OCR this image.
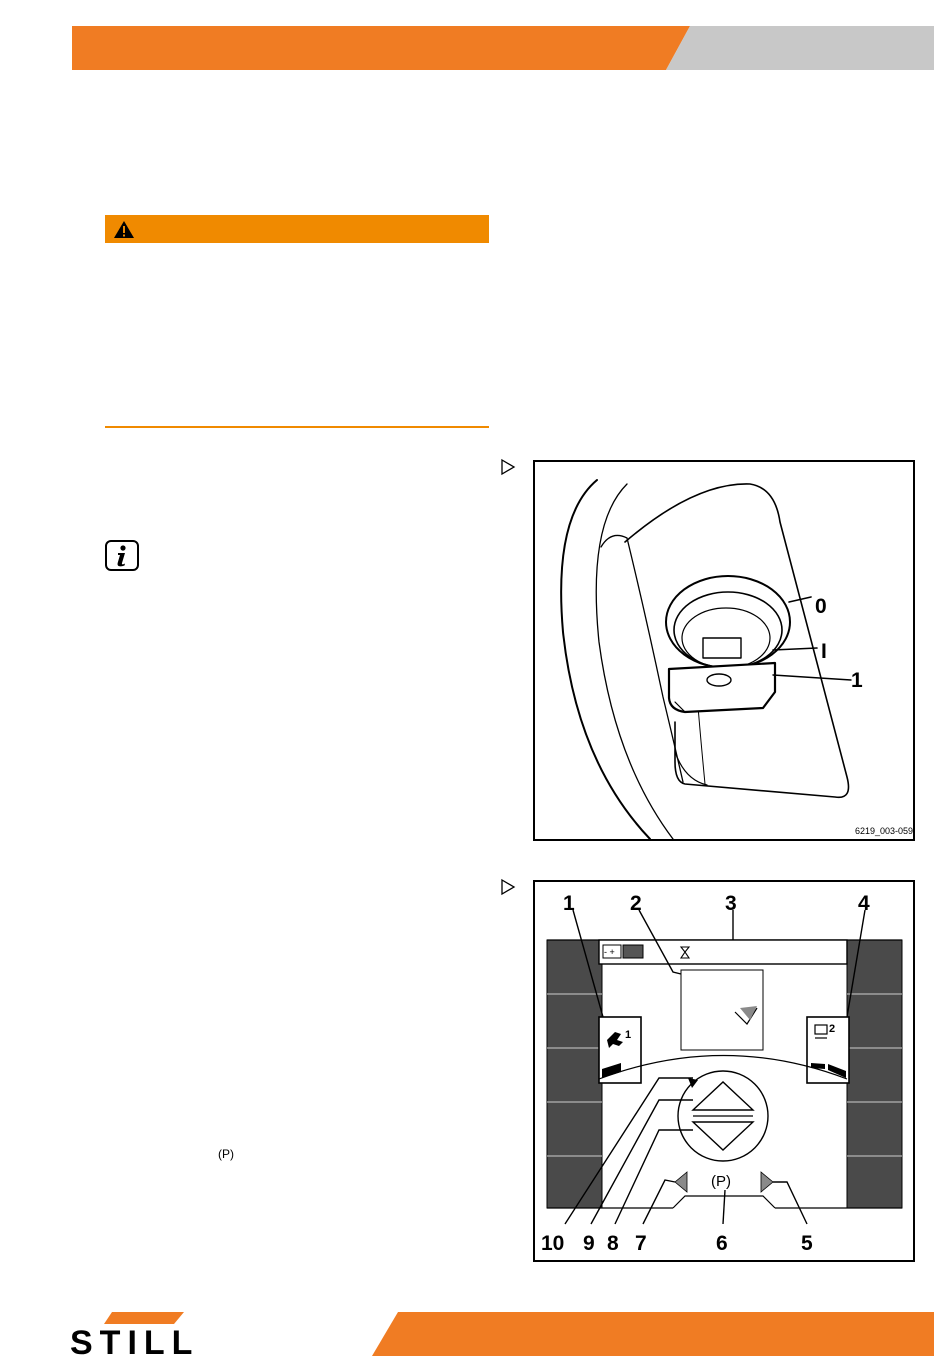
(P)
0
I
1
6219_003-059
- +
1	2
(P)
1	2	3	4
10 9 8 7	6	5
STILL
